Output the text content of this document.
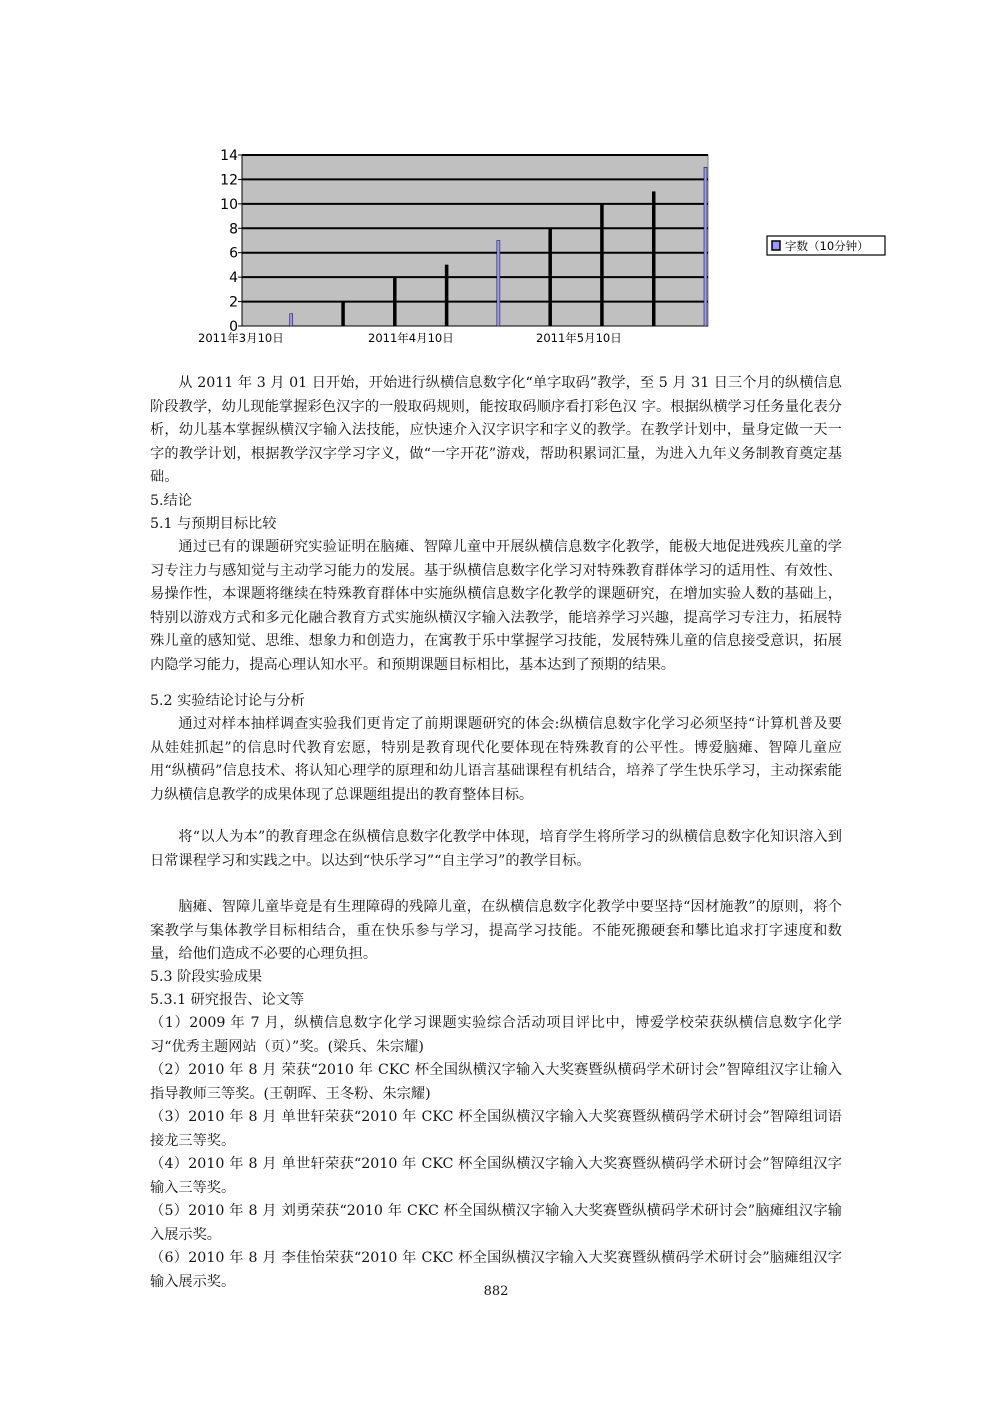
0
2
4
6
8
10
12
14
2011年3月10日	2011年4月10日	2011年5月10日
字数（10分钟）
从 2011 年 3 月 01 日开始，开始进行纵横信息数字化“单字取码”教学，至 5 月 31 日三个月的纵横信息阶段教学，幼儿现能掌握彩色汉字的一般取码规则，能按取码顺序看打彩色汉 字。根据纵横学习任务量化表分析，幼儿基本掌握纵横汉字输入法技能，应快速介入汉字识字和字义的教学。在教学计划中，量身定做一天一字的教学计划，根据教学汉字学习字义，做“一字开花”游戏，帮助积累词汇量，为进入九年义务制教育奠定基础。
5.结论
5.1 与预期目标比较
通过已有的课题研究实验证明在脑瘫、智障儿童中开展纵横信息数字化教学，能极大地促进残疾儿童的学习专注力与感知觉与主动学习能力的发展。基于纵横信息数字化学习对特殊教育群体学习的适用性、有效性、易操作性，本课题将继续在特殊教育群体中实施纵横信息数字化教学的课题研究，在增加实验人数的基础上，特别以游戏方式和多元化融合教育方式实施纵横汉字输入法教学，能培养学习兴趣，提高学习专注力，拓展特殊儿童的感知觉、思维、想象力和创造力，在寓教于乐中掌握学习技能，发展特殊儿童的信息接受意识，拓展内隐学习能力，提高心理认知水平。和预期课题目标相比，基本达到了预期的结果。
5.2 实验结论讨论与分析
通过对样本抽样调查实验我们更肯定了前期课题研究的体会:纵横信息数字化学习必须坚持“计算机普及要从娃娃抓起”的信息时代教育宏愿，特别是教育现代化要体现在特殊教育的公平性。博爱脑瘫、智障儿童应用“纵横码”信息技术、将认知心理学的原理和幼儿语言基础课程有机结合，培养了学生快乐学习，主动探索能力纵横信息教学的成果体现了总课题组提出的教育整体目标。
将“以人为本”的教育理念在纵横信息数字化教学中体现，培育学生将所学习的纵横信息数字化知识溶入到日常课程学习和实践之中。以达到“快乐学习”“自主学习”的教学目标。
脑瘫、智障儿童毕竟是有生理障碍的残障儿童，在纵横信息数字化教学中要坚持“因材施教”的原则，将个案教学与集体教学目标相结合，重在快乐参与学习，提高学习技能。不能死搬硬套和攀比追求打字速度和数量，给他们造成不必要的心理负担。
5.3 阶段实验成果
5.3.1 研究报告、论文等
（1）2009 年 7 月，纵横信息数字化学习课题实验综合活动项目评比中，博爱学校荣获纵横信息数字化学习“优秀主题网站（页）”奖。(梁兵、朱宗耀)
（2）2010 年 8 月 荣获“2010 年 CKC 杯全国纵横汉字输入大奖赛暨纵横码学术研讨会”智障组汉字让输入指导教师三等奖。(王朝晖、王冬粉、朱宗耀)
（3）2010 年 8 月 单世轩荣获“2010 年 CKC 杯全国纵横汉字输入大奖赛暨纵横码学术研讨会”智障组词语接龙三等奖。
（4）2010 年 8 月 单世轩荣获“2010 年 CKC 杯全国纵横汉字输入大奖赛暨纵横码学术研讨会”智障组汉字输入三等奖。
（5）2010 年 8 月 刘勇荣获“2010 年 CKC 杯全国纵横汉字输入大奖赛暨纵横码学术研讨会”脑瘫组汉字输入展示奖。
（6）2010 年 8 月 李佳怡荣获“2010 年 CKC 杯全国纵横汉字输入大奖赛暨纵横码学术研讨会”脑瘫组汉字输入展示奖。
882
